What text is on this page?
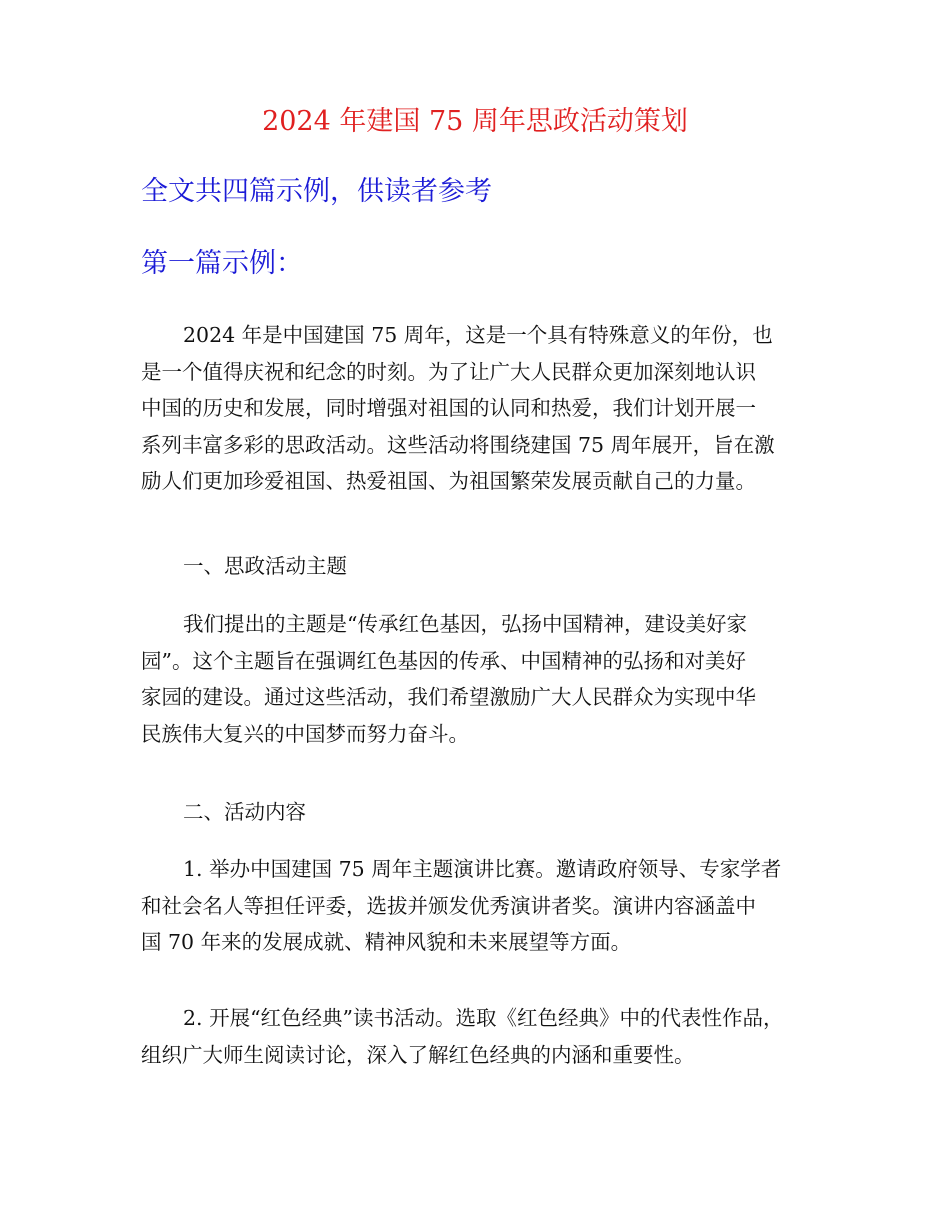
2024 年建国 75 周年思政活动策划
全文共四篇示例，供读者参考
第一篇示例：

2024 年是中国建国 75 周年，这是一个具有特殊意义的年份，也
是一个值得庆祝和纪念的时刻。为了让广大人民群众更加深刻地认识
中国的历史和发展，同时增强对祖国的认同和热爱，我们计划开展一
系列丰富多彩的思政活动。这些活动将围绕建国 75 周年展开，旨在激
励人们更加珍爱祖国、热爱祖国、为祖国繁荣发展贡献自己的力量。

一、思政活动主题

我们提出的主题是“传承红色基因，弘扬中国精神，建设美好家
园”。这个主题旨在强调红色基因的传承、中国精神的弘扬和对美好
家园的建设。通过这些活动，我们希望激励广大人民群众为实现中华
民族伟大复兴的中国梦而努力奋斗。

二、活动内容

1. 举办中国建国 75 周年主题演讲比赛。邀请政府领导、专家学者
和社会名人等担任评委，选拔并颁发优秀演讲者奖。演讲内容涵盖中
国 70 年来的发展成就、精神风貌和未来展望等方面。

2. 开展“红色经典”读书活动。选取《红色经典》中的代表性作品，
组织广大师生阅读讨论，深入了解红色经典的内涵和重要性。
